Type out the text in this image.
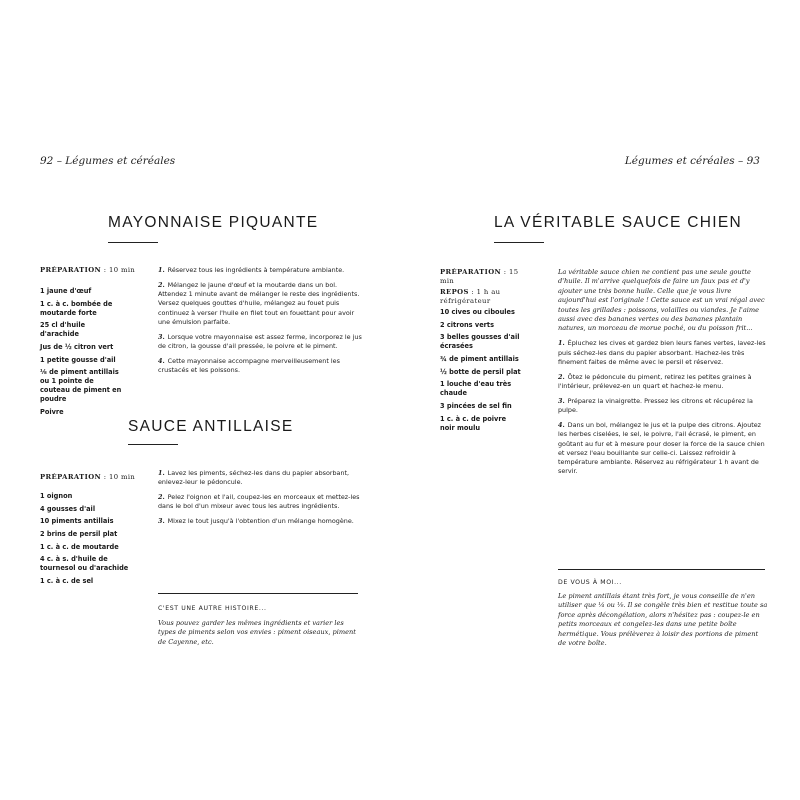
92 – Légumes et céréales
MAYONNAISE PIQUANTE
PRÉPARATION : 10 min
1 jaune d'œuf
1 c. à c. bombée de moutarde forte
25 cl d'huile d'arachide
Jus de ½ citron vert
1 petite gousse d'ail
⅛ de piment antillais ou 1 pointe de couteau de piment en poudre
Poivre

1. Réservez tous les ingrédients à température ambiante.

2. Mélangez le jaune d'œuf et la moutarde dans un bol. Attendez 1 minute avant de mélanger le reste des ingrédients. Versez quelques gouttes d'huile, mélangez au fouet puis continuez à verser l'huile en filet tout en fouettant pour avoir une émulsion parfaite.

3. Lorsque votre mayonnaise est assez ferme, incorporez le jus de citron, la gousse d'ail pressée, le poivre et le piment.

4. Cette mayonnaise accompagne merveilleusement les crustacés et les poissons.

SAUCE ANTILLAISE
PRÉPARATION : 10 min
1 oignon
4 gousses d'ail
10 piments antillais
2 brins de persil plat
1 c. à c. de moutarde
4 c. à s. d'huile de tournesol ou d'arachide
1 c. à c. de sel

1. Lavez les piments, séchez-les dans du papier absorbant, enlevez-leur le pédoncule.

2. Pelez l'oignon et l'ail, coupez-les en morceaux et mettez-les dans le bol d'un mixeur avec tous les autres ingrédients.

3. Mixez le tout jusqu'à l'obtention d'un mélange homogène.

C'EST UNE AUTRE HISTOIRE...
Vous pouvez garder les mêmes ingrédients et varier les types de piments selon vos envies : piment oiseaux, piment de Cayenne, etc.
Légumes et céréales – 93
LA VÉRITABLE SAUCE CHIEN
PRÉPARATION : 15 min
REPOS : 1 h au réfrigérateur
10 cives ou ciboules
2 citrons verts
3 belles gousses d'ail écrasées
¾ de piment antillais
½ botte de persil plat
1 louche d'eau très chaude
3 pincées de sel fin
1 c. à c. de poivre noir moulu

La véritable sauce chien ne contient pas une seule goutte d'huile. Il m'arrive quelquefois de faire un faux pas et d'y ajouter une très bonne huile. Celle que je vous livre aujourd'hui est l'originale ! Cette sauce est un vrai régal avec toutes les grillades : poissons, volailles ou viandes. Je l'aime aussi avec des bananes vertes ou des bananes plantain natures, un morceau de morue poché, ou du poisson frit...

1. Épluchez les cives et gardez bien leurs fanes vertes, lavez-les puis séchez-les dans du papier absorbant. Hachez-les très finement faites de même avec le persil et réservez.

2. Ôtez le pédoncule du piment, retirez les petites graines à l'intérieur, prélevez-en un quart et hachez-le menu.

3. Préparez la vinaigrette. Pressez les citrons et récupérez la pulpe.

4. Dans un bol, mélangez le jus et la pulpe des citrons. Ajoutez les herbes ciselées, le sel, le poivre, l'ail écrasé, le piment, en goûtant au fur et à mesure pour doser la force de la sauce chien et versez l'eau bouillante sur celle-ci. Laissez refroidir à température ambiante. Réservez au réfrigérateur 1 h avant de servir.

DE VOUS À MOI...
Le piment antillais étant très fort, je vous conseille de n'en utiliser que ¼ ou ⅛. Il se congèle très bien et restitue toute sa force après décongélation, alors n'hésitez pas : coupez-le en petits morceaux et congelez-les dans une petite boîte hermétique. Vous prélèverez à loisir des portions de piment de votre boîte.
